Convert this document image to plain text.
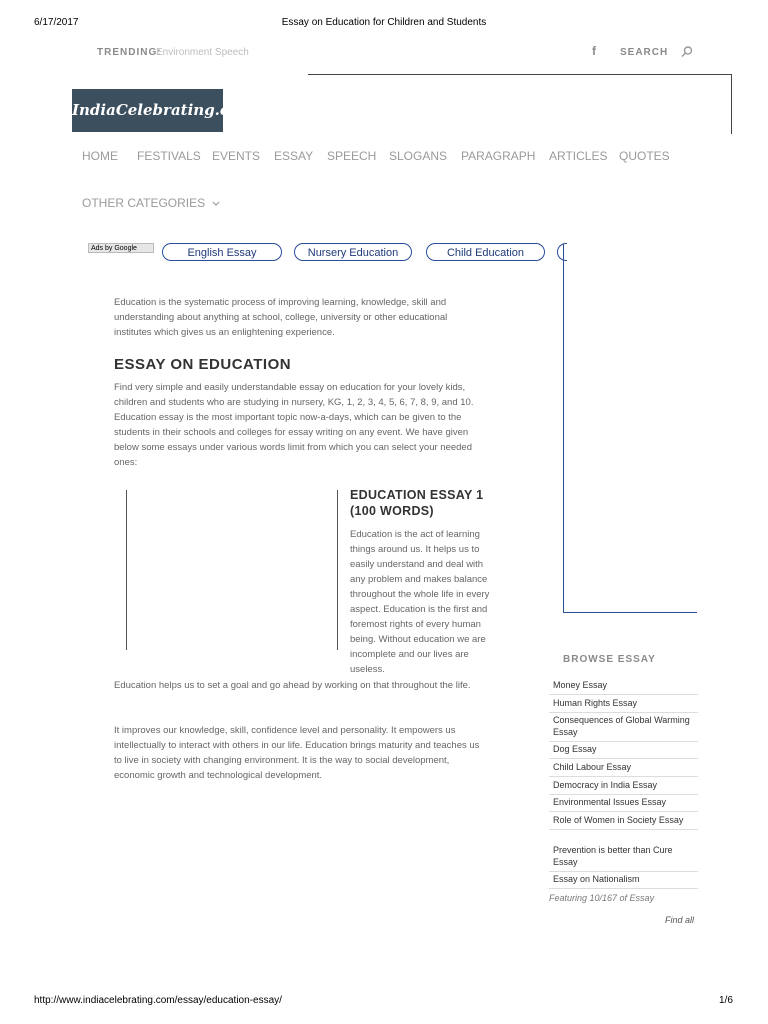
6/17/2017	Essay on Education for Children and Students
TRENDING:
Environment Speech	f SEARCH
IndiaCelebrating.com
HOME FESTIVALS EVENTS ESSAY SPEECH SLOGANS PARAGRAPH ARTICLES QUOTES
OTHER CATEGORIES
Ads by Google	English Essay	Nursery Education	Child Education
Education is the systematic process of improving learning, knowledge, skill and understanding about anything at school, college, university or other educational institutes which gives us an enlightening experience.
ESSAY ON EDUCATION
Find very simple and easily understandable essay on education for your lovely kids, children and students who are studying in nursery, KG, 1, 2, 3, 4, 5, 6, 7, 8, 9, and 10. Education essay is the most important topic now-a-days, which can be given to the students in their schools and colleges for essay writing on any event. We have given below some essays under various words limit from which you can select your needed ones:
EDUCATION ESSAY 1 (100 WORDS)
Education is the act of learning things around us. It helps us to easily understand and deal with any problem and makes balance throughout the whole life in every aspect. Education is the first and foremost rights of every human being. Without education we are incomplete and our lives are useless.
Education helps us to set a goal and go ahead by working on that throughout the life.
It improves our knowledge, skill, confidence level and personality. It empowers us intellectually to interact with others in our life. Education brings maturity and teaches us to live in society with changing environment. It is the way to social development, economic growth and technological development.
BROWSE ESSAY
Money Essay
Human Rights Essay
Consequences of Global Warming Essay
Dog Essay
Child Labour Essay
Democracy in India Essay
Environmental Issues Essay
Role of Women in Society Essay
Prevention is better than Cure Essay
Essay on Nationalism
Featuring 10/167 of Essay
Find all
http://www.indiacelebrating.com/essay/education-essay/	1/6
